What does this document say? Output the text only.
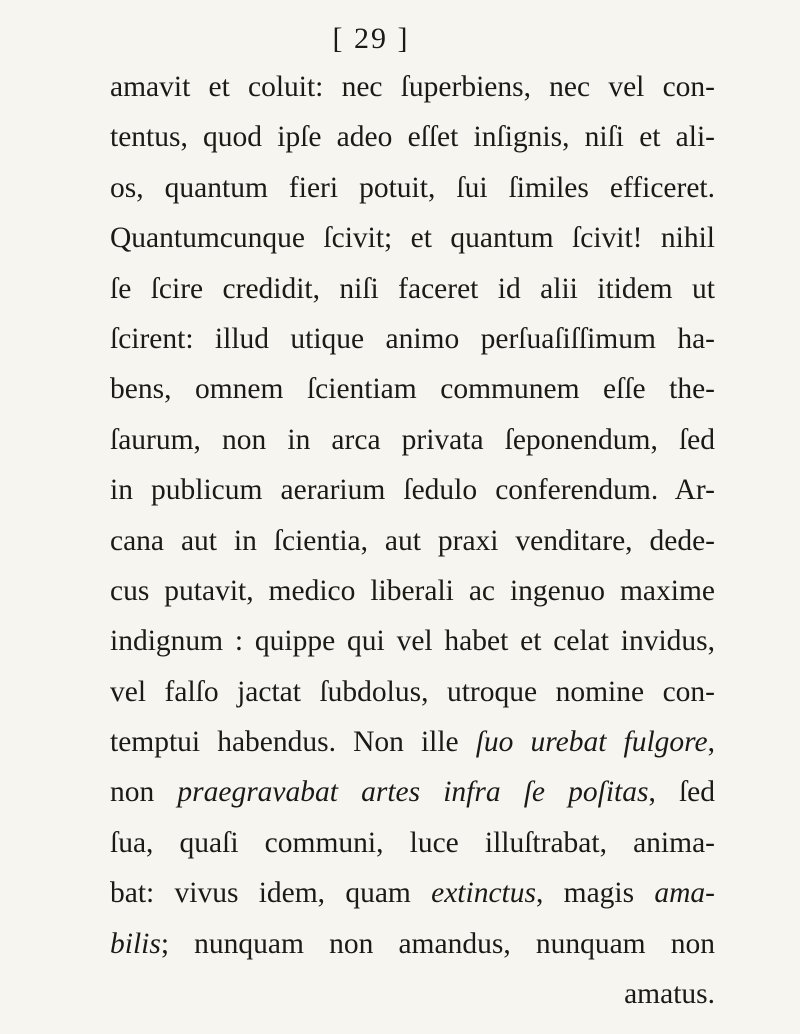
[ 29 ]
amavit et coluit: nec ſuperbiens, nec vel con-
tentus, quod ipſe adeo eſſet inſignis, niſi et ali-
os, quantum fieri potuit, ſui ſimiles efficeret.
Quantumcunque ſcivit; et quantum ſcivit! nihil
ſe ſcire credidit, niſi faceret id alii itidem ut
ſcirent: illud utique animo perſuaſiſſimum ha-
bens, omnem ſcientiam communem eſſe the-
ſaurum, non in arca privata ſeponendum, ſed
in publicum aerarium ſedulo conferendum. Ar-
cana aut in ſcientia, aut praxi venditare, dede-
cus putavit, medico liberali ac ingenuo maxime
indignum : quippe qui vel habet et celat invidus,
vel falſo jactat ſubdolus, utroque nomine con-
temptui habendus. Non ille ſuo urebat fulgore,
non praegravabat artes infra ſe poſitas, ſed
ſua, quaſi communi, luce illuſtrabat, anima-
bat: vivus idem, quam extinctus, magis ama-
bilis; nunquam non amandus, nunquam non
amatus.
